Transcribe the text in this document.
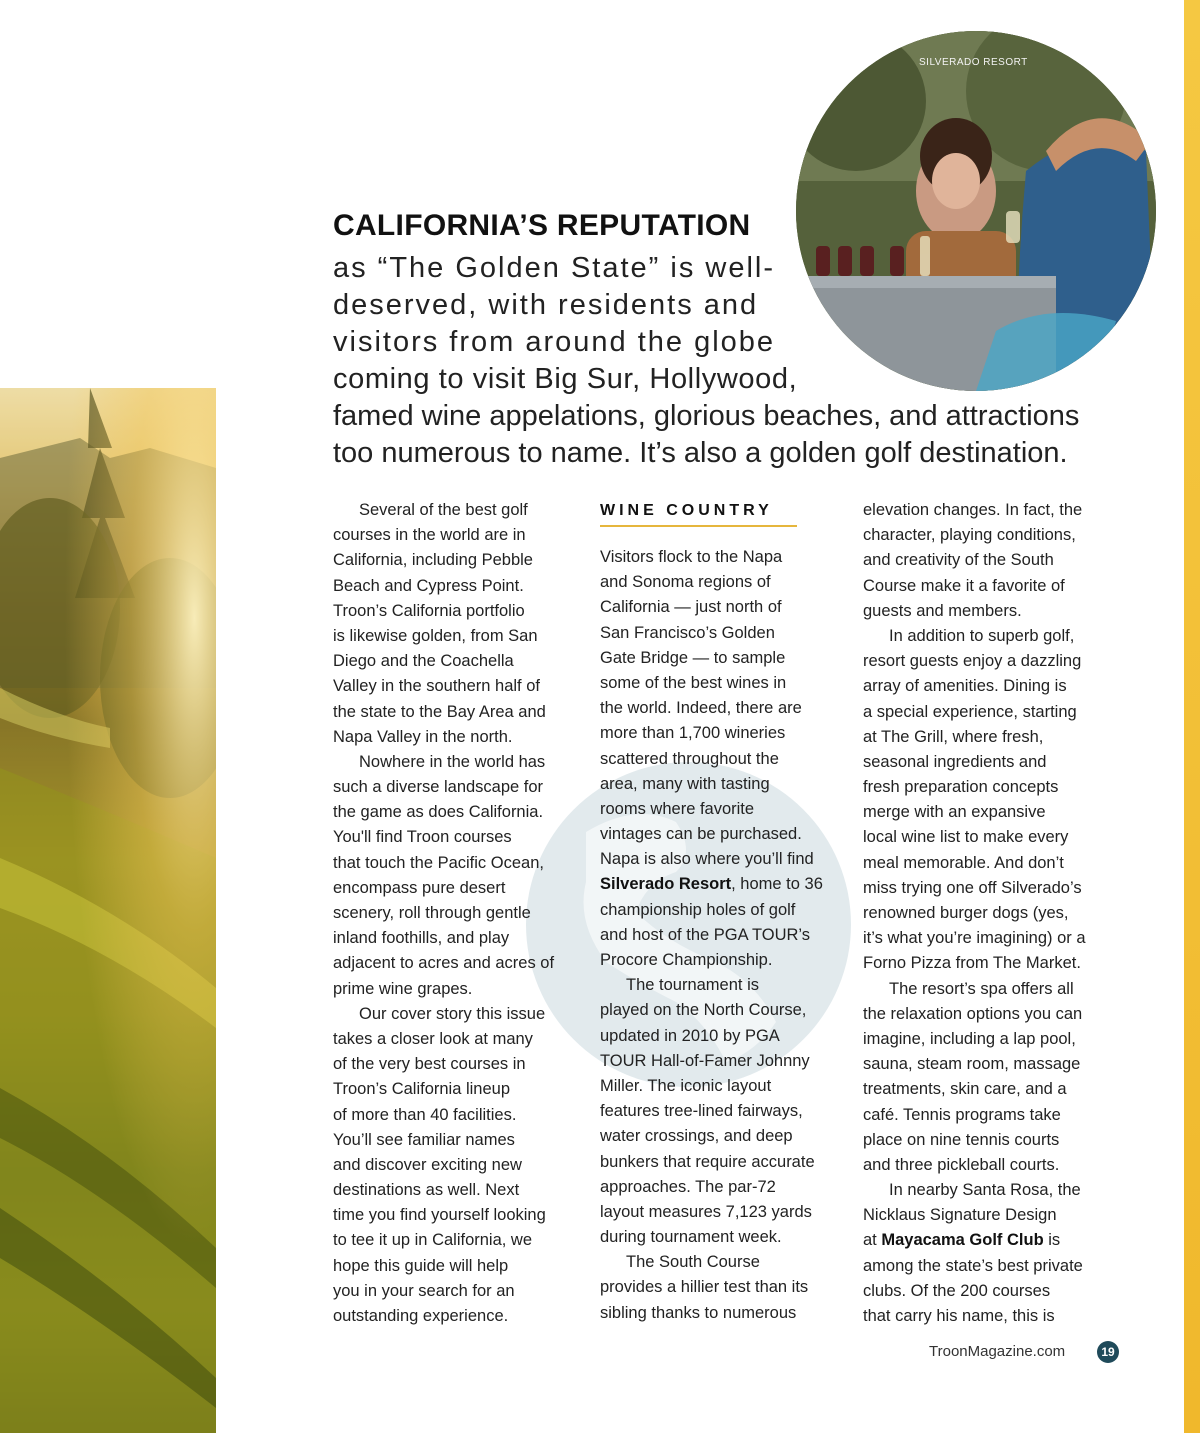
SILVERADO RESORT
CALIFORNIA’S REPUTATION
as “The Golden State” is well-
deserved, with residents and
visitors from around the globe
coming to visit Big Sur, Hollywood,
famed wine appelations, glorious beaches, and attractions
too numerous to name. It’s also a golden golf destination.
Several of the best golf
courses in the world are in
California, including Pebble
Beach and Cypress Point.
Troon’s California portfolio
is likewise golden, from San
Diego and the Coachella
Valley in the southern half of
the state to the Bay Area and
Napa Valley in the north.
Nowhere in the world has
such a diverse landscape for
the game as does California.
You'll find Troon courses
that touch the Pacific Ocean,
encompass pure desert
scenery, roll through gentle
inland foothills, and play
adjacent to acres and acres of
prime wine grapes.
Our cover story this issue
takes a closer look at many
of the very best courses in
Troon’s California lineup
of more than 40 facilities.
You’ll see familiar names
and discover exciting new
destinations as well. Next
time you find yourself looking
to tee it up in California, we
hope this guide will help
you in your search for an
outstanding experience.
WINE COUNTRY
Visitors flock to the Napa
and Sonoma regions of
California — just north of
San Francisco’s Golden
Gate Bridge — to sample
some of the best wines in
the world. Indeed, there are
more than 1,700 wineries
scattered throughout the
area, many with tasting
rooms where favorite
vintages can be purchased.
Napa is also where you’ll find
Silverado Resort, home to 36
championship holes of golf
and host of the PGA TOUR’s
Procore Championship.
The tournament is
played on the North Course,
updated in 2010 by PGA
TOUR Hall-of-Famer Johnny
Miller. The iconic layout
features tree-lined fairways,
water crossings, and deep
bunkers that require accurate
approaches. The par-72
layout measures 7,123 yards
during tournament week.
The South Course
provides a hillier test than its
sibling thanks to numerous
elevation changes. In fact, the
character, playing conditions,
and creativity of the South
Course make it a favorite of
guests and members.
In addition to superb golf,
resort guests enjoy a dazzling
array of amenities. Dining is
a special experience, starting
at The Grill, where fresh,
seasonal ingredients and
fresh preparation concepts
merge with an expansive
local wine list to make every
meal memorable. And don’t
miss trying one off Silverado’s
renowned burger dogs (yes,
it’s what you’re imagining) or a
Forno Pizza from The Market.
The resort’s spa offers all
the relaxation options you can
imagine, including a lap pool,
sauna, steam room, massage
treatments, skin care, and a
café. Tennis programs take
place on nine tennis courts
and three pickleball courts.
In nearby Santa Rosa, the
Nicklaus Signature Design
at Mayacama Golf Club is
among the state’s best private
clubs. Of the 200 courses
that carry his name, this is
TroonMagazine.com	19
